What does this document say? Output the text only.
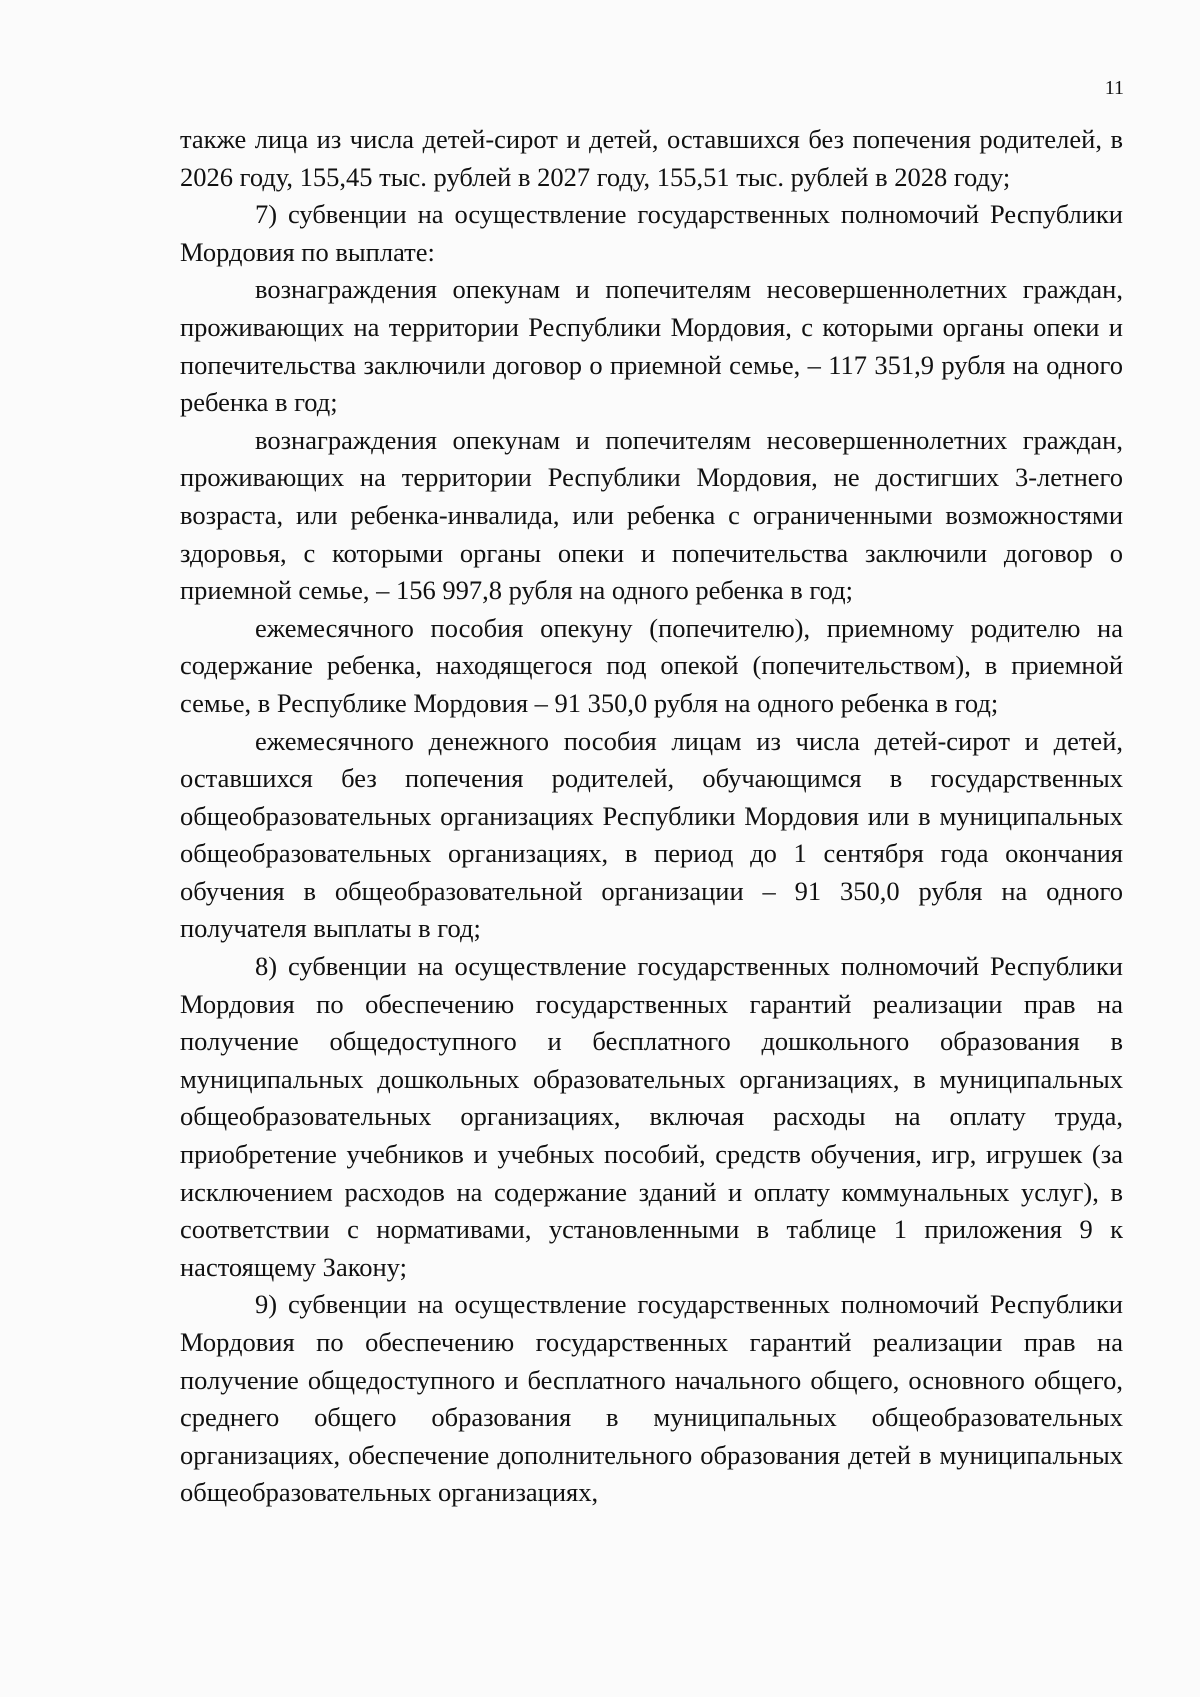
11

также лица из числа детей-сирот и детей, оставшихся без попечения родителей, в 2026 году, 155,45 тыс. рублей в 2027 году, 155,51 тыс. рублей в 2028 году;

7) субвенции на осуществление государственных полномочий Республики Мордовия по выплате:

вознаграждения опекунам и попечителям несовершеннолетних граждан, проживающих на территории Республики Мордовия, с которыми органы опеки и попечительства заключили договор о приемной семье, – 117 351,9 рубля на одного ребенка в год;

вознаграждения опекунам и попечителям несовершеннолетних граждан, проживающих на территории Республики Мордовия, не достигших 3-летнего возраста, или ребенка-инвалида, или ребенка с ограниченными возможностями здоровья, с которыми органы опеки и попечительства заключили договор о приемной семье, – 156 997,8 рубля на одного ребенка в год;

ежемесячного пособия опекуну (попечителю), приемному родителю на содержание ребенка, находящегося под опекой (попечительством), в приемной семье, в Республике Мордовия – 91 350,0 рубля на одного ребенка в год;

ежемесячного денежного пособия лицам из числа детей-сирот и детей, оставшихся без попечения родителей, обучающимся в государственных общеобразовательных организациях Республики Мордовия или в муниципальных общеобразовательных организациях, в период до 1 сентября года окончания обучения в общеобразовательной организации – 91 350,0 рубля на одного получателя выплаты в год;

8) субвенции на осуществление государственных полномочий Республики Мордовия по обеспечению государственных гарантий реализации прав на получение общедоступного и бесплатного дошкольного образования в муниципальных дошкольных образовательных организациях, в муниципальных общеобразовательных организациях, включая расходы на оплату труда, приобретение учебников и учебных пособий, средств обучения, игр, игрушек (за исключением расходов на содержание зданий и оплату коммунальных услуг), в соответствии с нормативами, установленными в таблице 1 приложения 9 к настоящему Закону;

9) субвенции на осуществление государственных полномочий Республики Мордовия по обеспечению государственных гарантий реализации прав на получение общедоступного и бесплатного начального общего, основного общего, среднего общего образования в муниципальных общеобразовательных организациях, обеспечение дополнительного образования детей в муниципальных общеобразовательных организациях,
